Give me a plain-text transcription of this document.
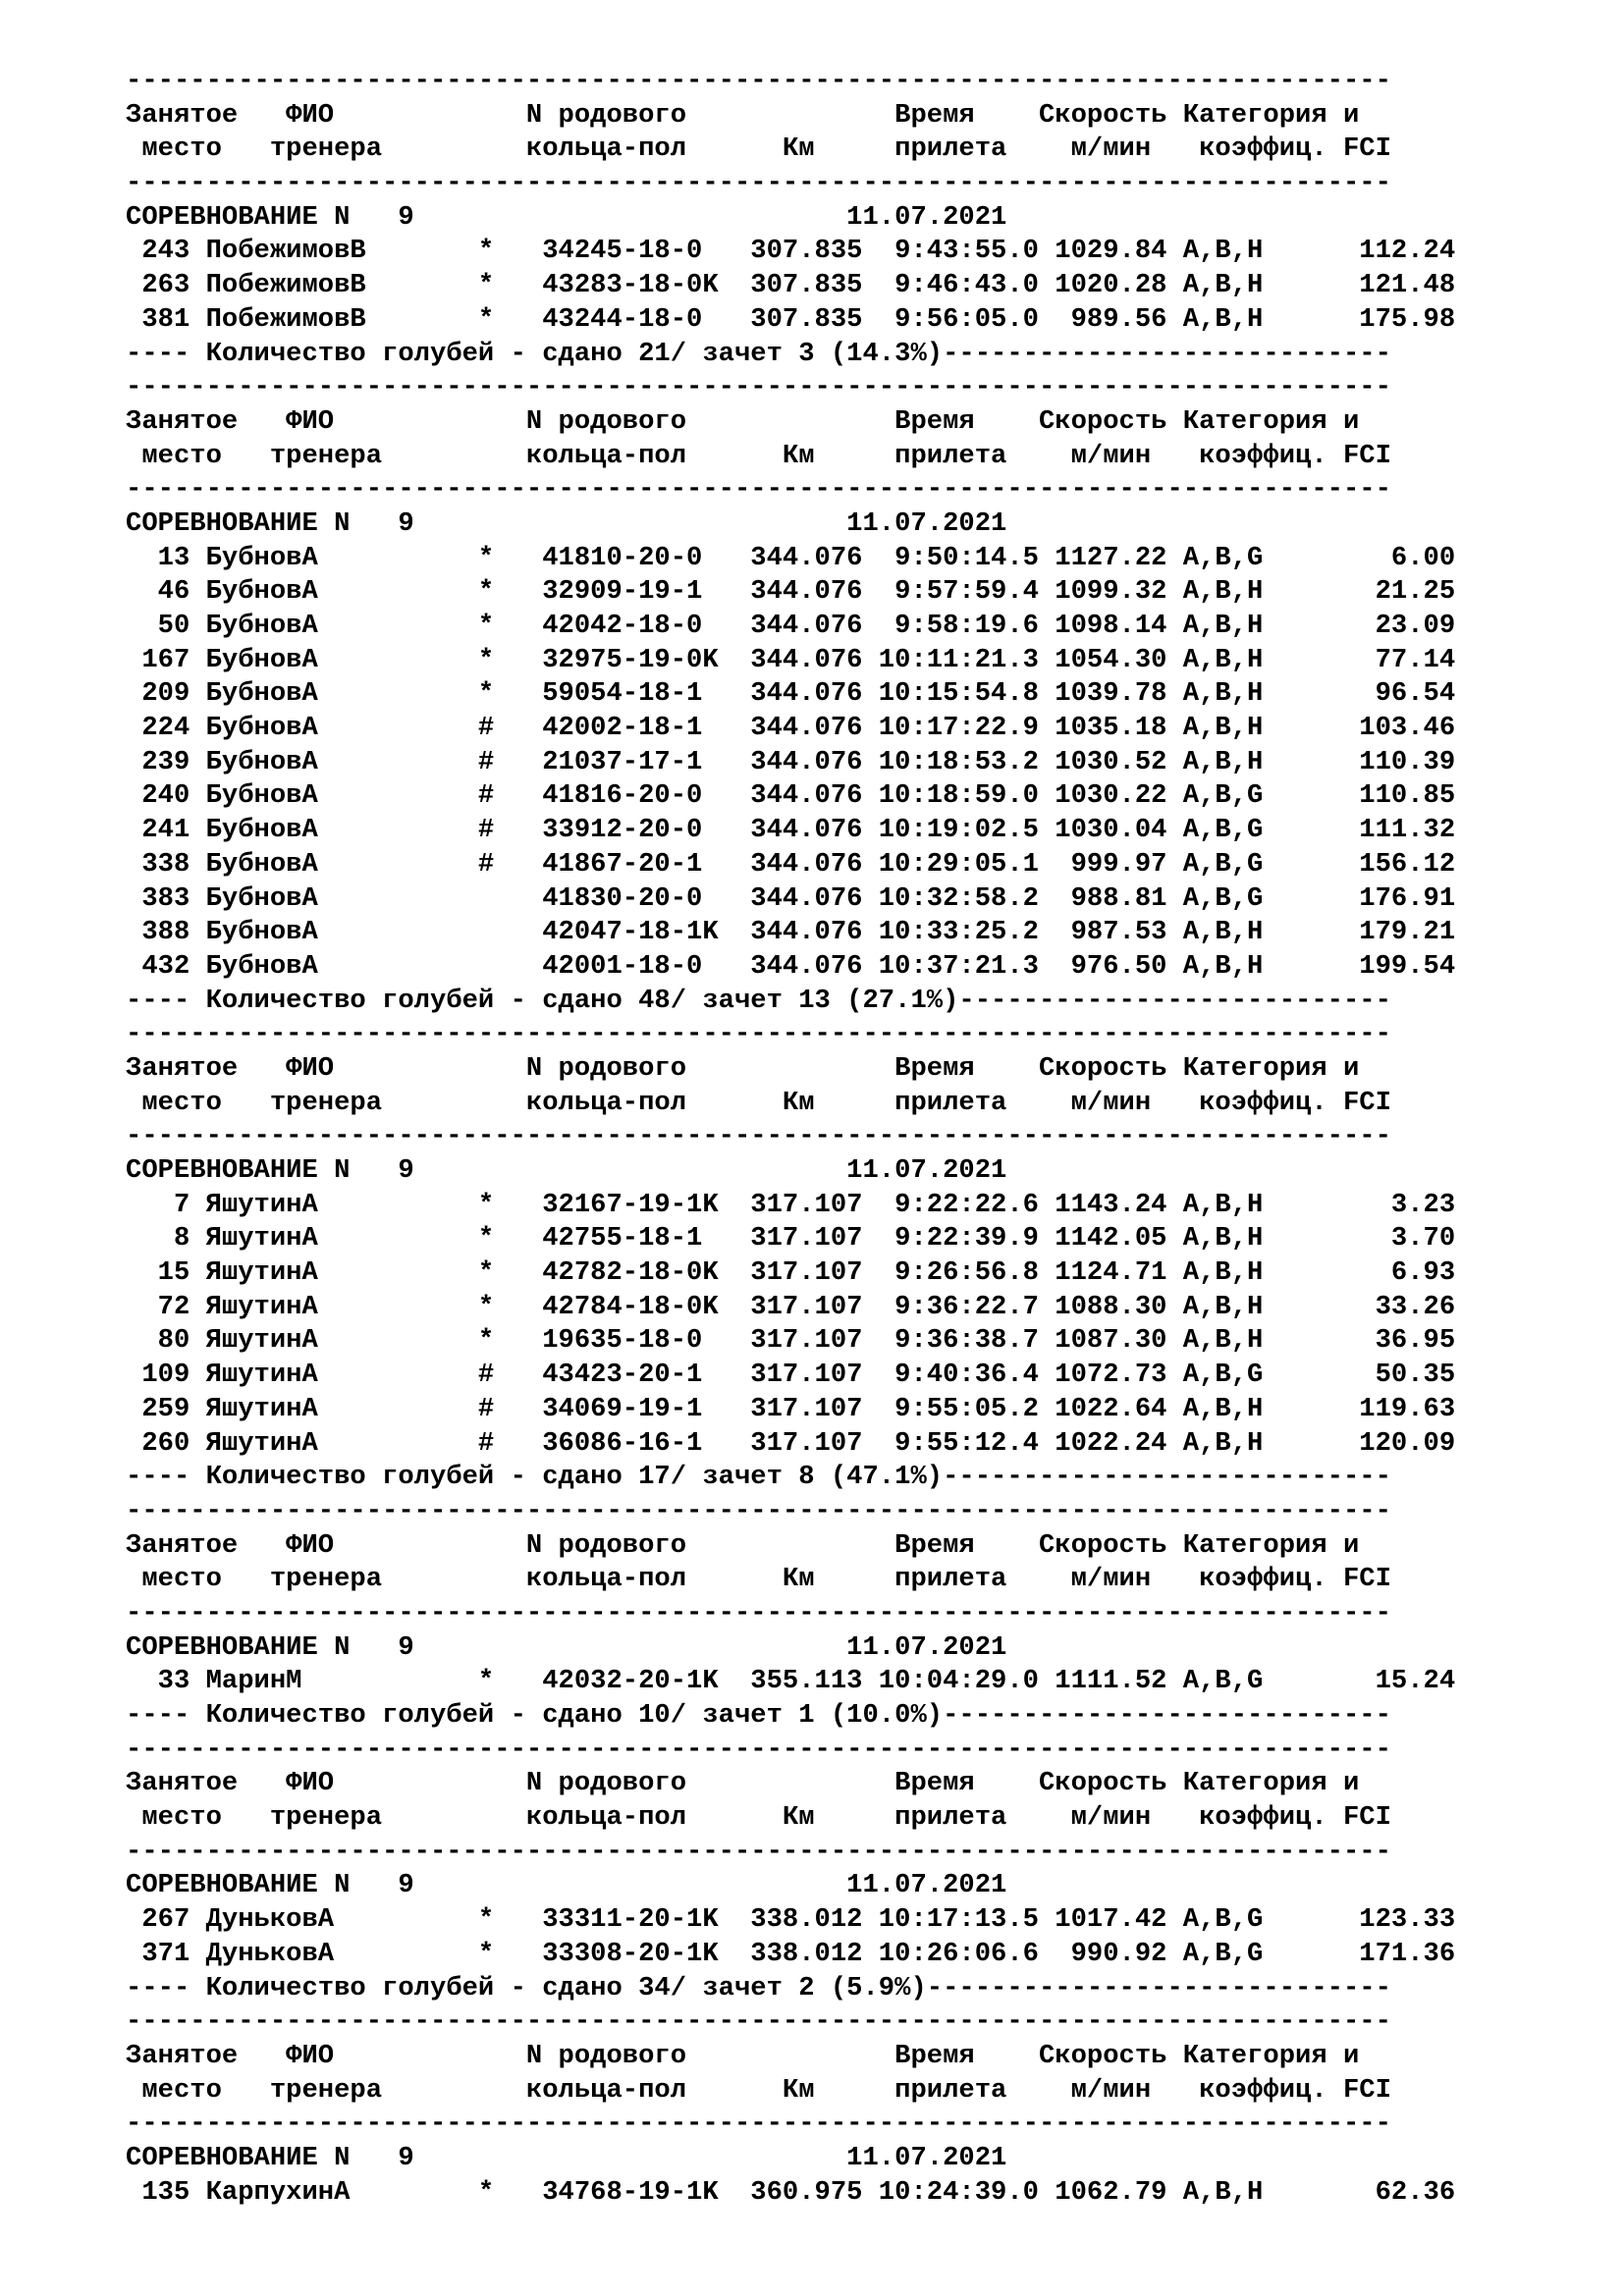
-------------------------------------------------------------------------------
Занятое   ФИО            N родового             Время    Скорость Категория и
место   тренера         кольца-пол      Км     прилета    м/мин   коэффиц. FCI
-------------------------------------------------------------------------------
СОРЕВНОВАНИЕ N   9                           11.07.2021
243 ПобежимовВ       *   34245-18-0   307.835  9:43:55.0 1029.84 A,B,H      112.24
263 ПобежимовВ       *   43283-18-0K  307.835  9:46:43.0 1020.28 A,B,H      121.48
381 ПобежимовВ       *   43244-18-0   307.835  9:56:05.0  989.56 A,B,H      175.98
---- Количество голубей - сдано 21/ зачет 3 (14.3%)----------------------------
-------------------------------------------------------------------------------
Занятое   ФИО            N родового             Время    Скорость Категория и
место   тренера         кольца-пол      Км     прилета    м/мин   коэффиц. FCI
-------------------------------------------------------------------------------
СОРЕВНОВАНИЕ N   9                           11.07.2021
13 БубновА          *   41810-20-0   344.076  9:50:14.5 1127.22 A,B,G        6.00
46 БубновА          *   32909-19-1   344.076  9:57:59.4 1099.32 A,B,H       21.25
50 БубновА          *   42042-18-0   344.076  9:58:19.6 1098.14 A,B,H       23.09
167 БубновА          *   32975-19-0K  344.076 10:11:21.3 1054.30 A,B,H       77.14
209 БубновА          *   59054-18-1   344.076 10:15:54.8 1039.78 A,B,H       96.54
224 БубновА          #   42002-18-1   344.076 10:17:22.9 1035.18 A,B,H      103.46
239 БубновА          #   21037-17-1   344.076 10:18:53.2 1030.52 A,B,H      110.39
240 БубновА          #   41816-20-0   344.076 10:18:59.0 1030.22 A,B,G      110.85
241 БубновА          #   33912-20-0   344.076 10:19:02.5 1030.04 A,B,G      111.32
338 БубновА          #   41867-20-1   344.076 10:29:05.1  999.97 A,B,G      156.12
383 БубновА              41830-20-0   344.076 10:32:58.2  988.81 A,B,G      176.91
388 БубновА              42047-18-1K  344.076 10:33:25.2  987.53 A,B,H      179.21
432 БубновА              42001-18-0   344.076 10:37:21.3  976.50 A,B,H      199.54
---- Количество голубей - сдано 48/ зачет 13 (27.1%)---------------------------
-------------------------------------------------------------------------------
Занятое   ФИО            N родового             Время    Скорость Категория и
место   тренера         кольца-пол      Км     прилета    м/мин   коэффиц. FCI
-------------------------------------------------------------------------------
СОРЕВНОВАНИЕ N   9                           11.07.2021
7 ЯшутинА          *   32167-19-1K  317.107  9:22:22.6 1143.24 A,B,H        3.23
8 ЯшутинА          *   42755-18-1   317.107  9:22:39.9 1142.05 A,B,H        3.70
15 ЯшутинА          *   42782-18-0K  317.107  9:26:56.8 1124.71 A,B,H        6.93
72 ЯшутинА          *   42784-18-0K  317.107  9:36:22.7 1088.30 A,B,H       33.26
80 ЯшутинА          *   19635-18-0   317.107  9:36:38.7 1087.30 A,B,H       36.95
109 ЯшутинА          #   43423-20-1   317.107  9:40:36.4 1072.73 A,B,G       50.35
259 ЯшутинА          #   34069-19-1   317.107  9:55:05.2 1022.64 A,B,H      119.63
260 ЯшутинА          #   36086-16-1   317.107  9:55:12.4 1022.24 A,B,H      120.09
---- Количество голубей - сдано 17/ зачет 8 (47.1%)----------------------------
-------------------------------------------------------------------------------
Занятое   ФИО            N родового             Время    Скорость Категория и
место   тренера         кольца-пол      Км     прилета    м/мин   коэффиц. FCI
-------------------------------------------------------------------------------
СОРЕВНОВАНИЕ N   9                           11.07.2021
33 МаринМ           *   42032-20-1K  355.113 10:04:29.0 1111.52 A,B,G       15.24
---- Количество голубей - сдано 10/ зачет 1 (10.0%)----------------------------
-------------------------------------------------------------------------------
Занятое   ФИО            N родового             Время    Скорость Категория и
место   тренера         кольца-пол      Км     прилета    м/мин   коэффиц. FCI
-------------------------------------------------------------------------------
СОРЕВНОВАНИЕ N   9                           11.07.2021
267 ДуньковА         *   33311-20-1K  338.012 10:17:13.5 1017.42 A,B,G      123.33
371 ДуньковА         *   33308-20-1K  338.012 10:26:06.6  990.92 A,B,G      171.36
---- Количество голубей - сдано 34/ зачет 2 (5.9%)-----------------------------
-------------------------------------------------------------------------------
Занятое   ФИО            N родового             Время    Скорость Категория и
место   тренера         кольца-пол      Км     прилета    м/мин   коэффиц. FCI
-------------------------------------------------------------------------------
СОРЕВНОВАНИЕ N   9                           11.07.2021
135 КарпухинА        *   34768-19-1K  360.975 10:24:39.0 1062.79 A,B,H       62.36
